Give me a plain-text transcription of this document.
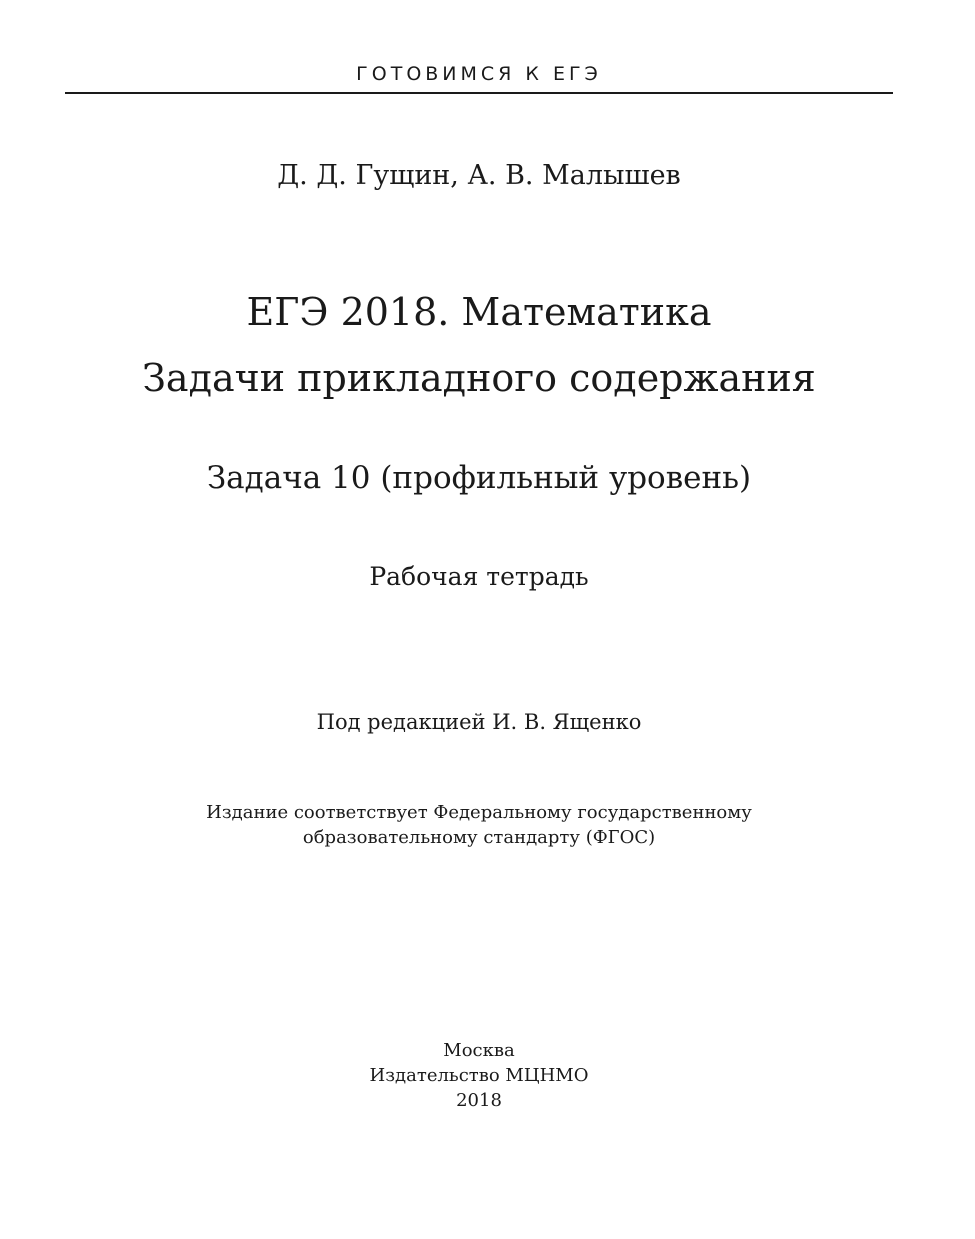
ГОТОВИМСЯ К ЕГЭ
Д. Д. Гущин, А. В. Малышев
ЕГЭ 2018. Математика
Задачи прикладного содержания
Задача 10 (профильный уровень)
Рабочая тетрадь
Под редакцией И. В. Ященко
Издание соответствует Федеральному государственному
образовательному стандарту (ФГОС)
Москва
Издательство МЦНМО
2018
